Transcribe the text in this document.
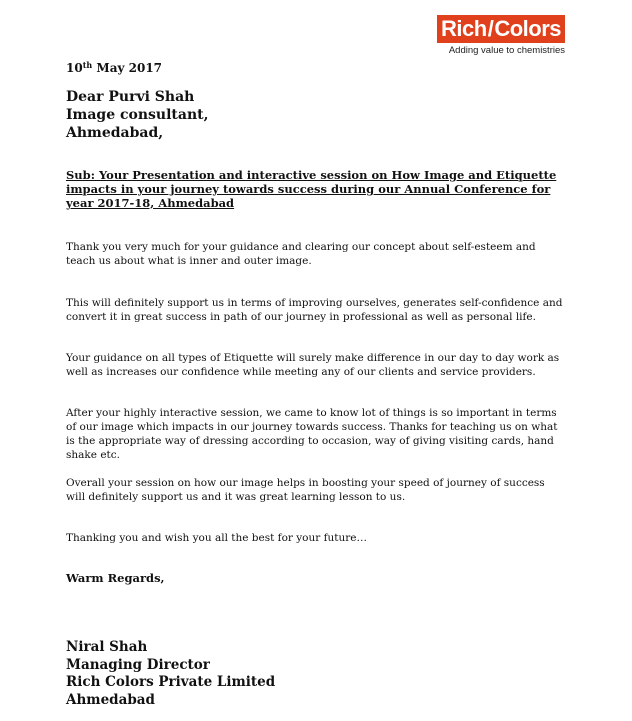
Rich / Colors
Adding value to chemistries
10th May 2017
Dear Purvi Shah
Image consultant,
Ahmedabad,
Sub: Your Presentation and interactive session on How Image and Etiquette impacts in your journey towards success during our Annual Conference for year 2017-18, Ahmedabad
Thank you very much for your guidance and clearing our concept about self-esteem and teach us about what is inner and outer image.
This will definitely support us in terms of improving ourselves, generates self-confidence and convert it in great success in path of our journey in professional as well as personal life.
Your guidance on all types of Etiquette will surely make difference in our day to day work as well as increases our confidence while meeting any of our clients and service providers.
After your highly interactive session, we came to know lot of things is so important in terms of our image which impacts in our journey towards success. Thanks for teaching us on what is the appropriate way of dressing according to occasion, way of giving visiting cards, hand shake etc.
Overall your session on how our image helps in boosting your speed of journey of success will definitely support us and it was great learning lesson to us.
Thanking you and wish you all the best for your future…
Warm Regards,
Niral Shah
Managing Director
Rich Colors Private Limited
Ahmedabad
